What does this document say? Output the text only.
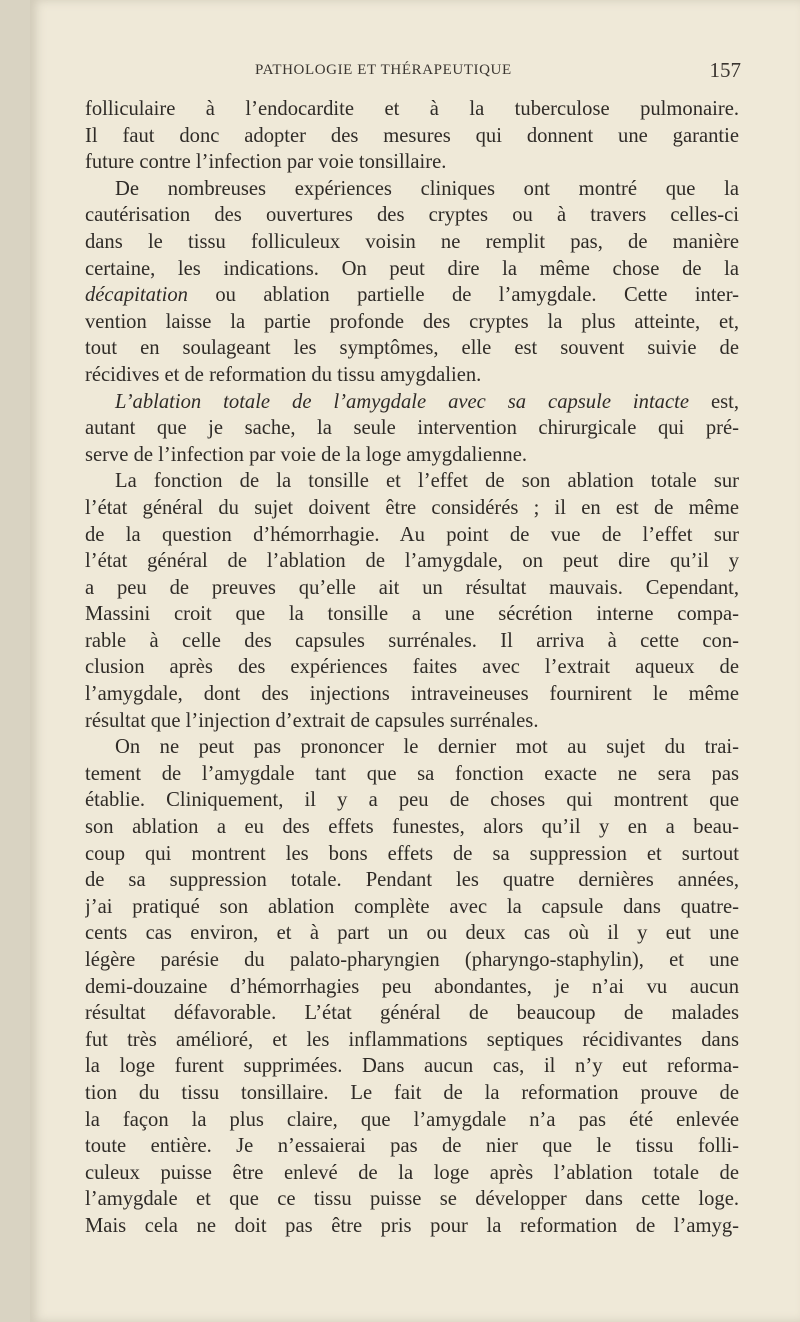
PATHOLOGIE ET THÉRAPEUTIQUE	157
folliculaire à l’endocardite et à la tuberculose pulmonaire.
Il faut donc adopter des mesures qui donnent une garantie
future contre l’infection par voie tonsillaire.
De nombreuses expériences cliniques ont montré que la
cautérisation des ouvertures des cryptes ou à travers celles-ci
dans le tissu folliculeux voisin ne remplit pas, de manière
certaine, les indications. On peut dire la même chose de la
décapitation ou ablation partielle de l’amygdale. Cette inter-
vention laisse la partie profonde des cryptes la plus atteinte, et,
tout en soulageant les symptômes, elle est souvent suivie de
récidives et de reformation du tissu amygdalien.
L’ablation totale de l’amygdale avec sa capsule intacte est,
autant que je sache, la seule intervention chirurgicale qui pré-
serve de l’infection par voie de la loge amygdalienne.
La fonction de la tonsille et l’effet de son ablation totale sur
l’état général du sujet doivent être considérés ; il en est de même
de la question d’hémorrhagie. Au point de vue de l’effet sur
l’état général de l’ablation de l’amygdale, on peut dire qu’il y
a peu de preuves qu’elle ait un résultat mauvais. Cependant,
Massini croit que la tonsille a une sécrétion interne compa-
rable à celle des capsules surrénales. Il arriva à cette con-
clusion après des expériences faites avec l’extrait aqueux de
l’amygdale, dont des injections intraveineuses fournirent le même
résultat que l’injection d’extrait de capsules surrénales.
On ne peut pas prononcer le dernier mot au sujet du trai-
tement de l’amygdale tant que sa fonction exacte ne sera pas
établie. Cliniquement, il y a peu de choses qui montrent que
son ablation a eu des effets funestes, alors qu’il y en a beau-
coup qui montrent les bons effets de sa suppression et surtout
de sa suppression totale. Pendant les quatre dernières années,
j’ai pratiqué son ablation complète avec la capsule dans quatre-
cents cas environ, et à part un ou deux cas où il y eut une
légère parésie du palato-pharyngien (pharyngo-staphylin), et une
demi-douzaine d’hémorrhagies peu abondantes, je n’ai vu aucun
résultat défavorable. L’état général de beaucoup de malades
fut très amélioré, et les inflammations septiques récidivantes dans
la loge furent supprimées. Dans aucun cas, il n’y eut reforma-
tion du tissu tonsillaire. Le fait de la reformation prouve de
la façon la plus claire, que l’amygdale n’a pas été enlevée
toute entière. Je n’essaierai pas de nier que le tissu folli-
culeux puisse être enlevé de la loge après l’ablation totale de
l’amygdale et que ce tissu puisse se développer dans cette loge.
Mais cela ne doit pas être pris pour la reformation de l’amyg-
